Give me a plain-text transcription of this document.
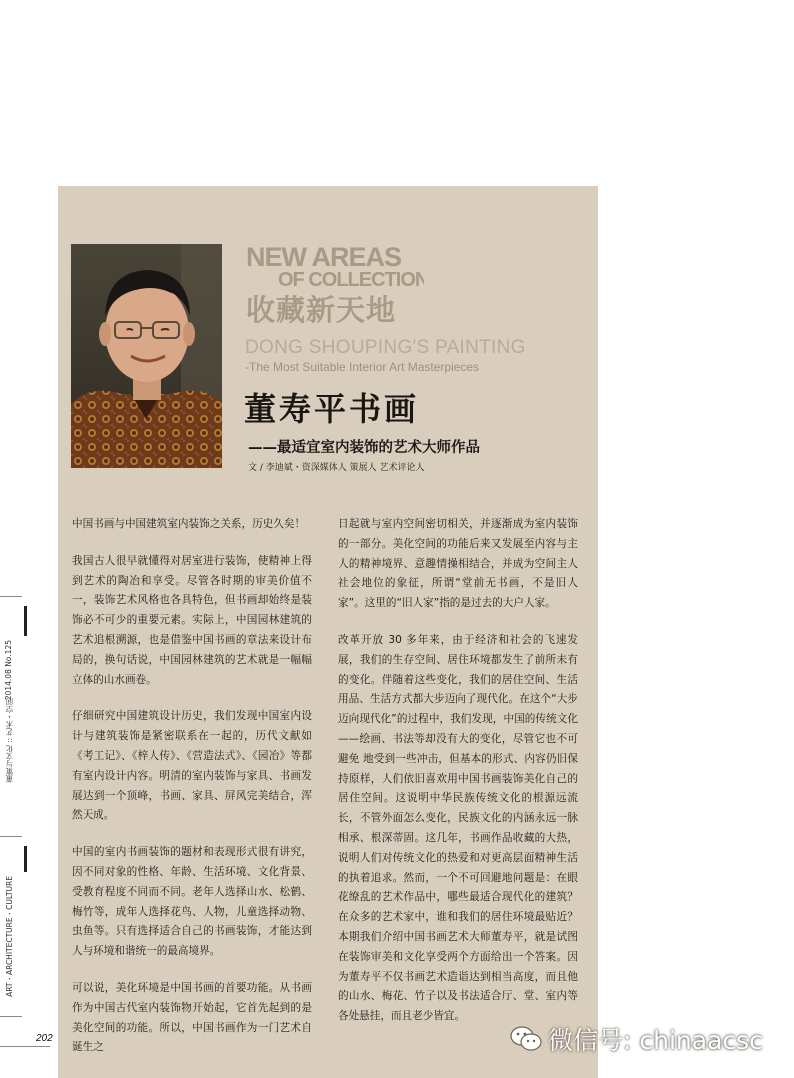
NEW AREAS
OF COLLECTION
收藏新天地
DONG SHOUPING'S PAINTING
-The Most Suitable Interior Art Masterpieces
董寿平书画
——最适宜室内装饰的艺术大师作品
文 / 李迪斌・资深媒体人 策展人 艺术评论人

中国书画与中国建筑室内装饰之关系，历史久矣！

我国古人很早就懂得对居室进行装饰，使精神上得到艺术的陶冶和享受。尽管各时期的审美价值不一，装饰艺术风格也各具特色，但书画却始终是装饰必不可少的重要元素。实际上，中国园林建筑的艺术追根溯源，也是借鉴中国书画的章法来设计布局的，换句话说，中国园林建筑的艺术就是一幅幅立体的山水画卷。

仔细研究中国建筑设计历史，我们发现中国室内设计与建筑装饰是紧密联系在一起的，历代文献如《考工记》、《梓人传》、《营造法式》、《园冶》等都有室内设计内容。明清的室内装饰与家具、书画发展达到一个顶峰，书画、家具、屏风完美结合，浑然天成。

中国的室内书画装饰的题材和表现形式很有讲究，因不同对象的性格、年龄、生活环境、文化背景、受教育程度不同而不同。老年人选择山水、松鹤、梅竹等，成年人选择花鸟、人物，儿童选择动物、虫鱼等。只有选择适合自己的书画装饰，才能达到人与环境和谐统一的最高境界。

可以说，美化环境是中国书画的首要功能。从书画作为中国古代室内装饰物开始起，它首先起到的是美化空间的功能。所以，中国书画作为一门艺术自诞生之

日起就与室内空间密切相关，并逐渐成为室内装饰的一部分。美化空间的功能后来又发展至内容与主人的精神境界、意趣情操相结合，并成为空间主人社会地位的象征，所谓“堂前无书画，不是旧人家”。这里的“旧人家”指的是过去的大户人家。

改革开放 30 多年来，由于经济和社会的飞速发展，我们的生存空间、居住环境都发生了前所未有的变化。伴随着这些变化，我们的居住空间、生活用品、生活方式都大步迈向了现代化。在这个“大步迈向现代化”的过程中，我们发现，中国的传统文化——绘画、书法等却没有大的变化，尽管它也不可避免 地受到一些冲击，但基本的形式、内容仍旧保持原样，人们依旧喜欢用中国书画装饰美化自己的居住空间。这说明中华民族传统文化的根源远流长，不管外面怎么变化，民族文化的内涵永远一脉相承、根深蒂固。这几年，书画作品收藏的大热，说明人们对传统文化的热爱和对更高层面精神生活的执着追求。然而，一个不可回避地问题是：在眼花缭乱的艺术作品中，哪些最适合现代化的建筑？在众多的艺术家中，谁和我们的居住环境最贴近？本期我们介绍中国书画艺术大师董寿平，就是试图在装饰审美和文化享受两个方面给出一个答案。因为董寿平不仅书画艺术造诣达到相当高度，而且他的山水、梅花、竹子以及书法适合厅、堂、室内等各处悬挂，而且老少皆宜。

2014.08 No.125
董策与文化 :: 艺术・空间
ART・ARCHITECTURE・CULTURE
202	微信号: chinaacsc
